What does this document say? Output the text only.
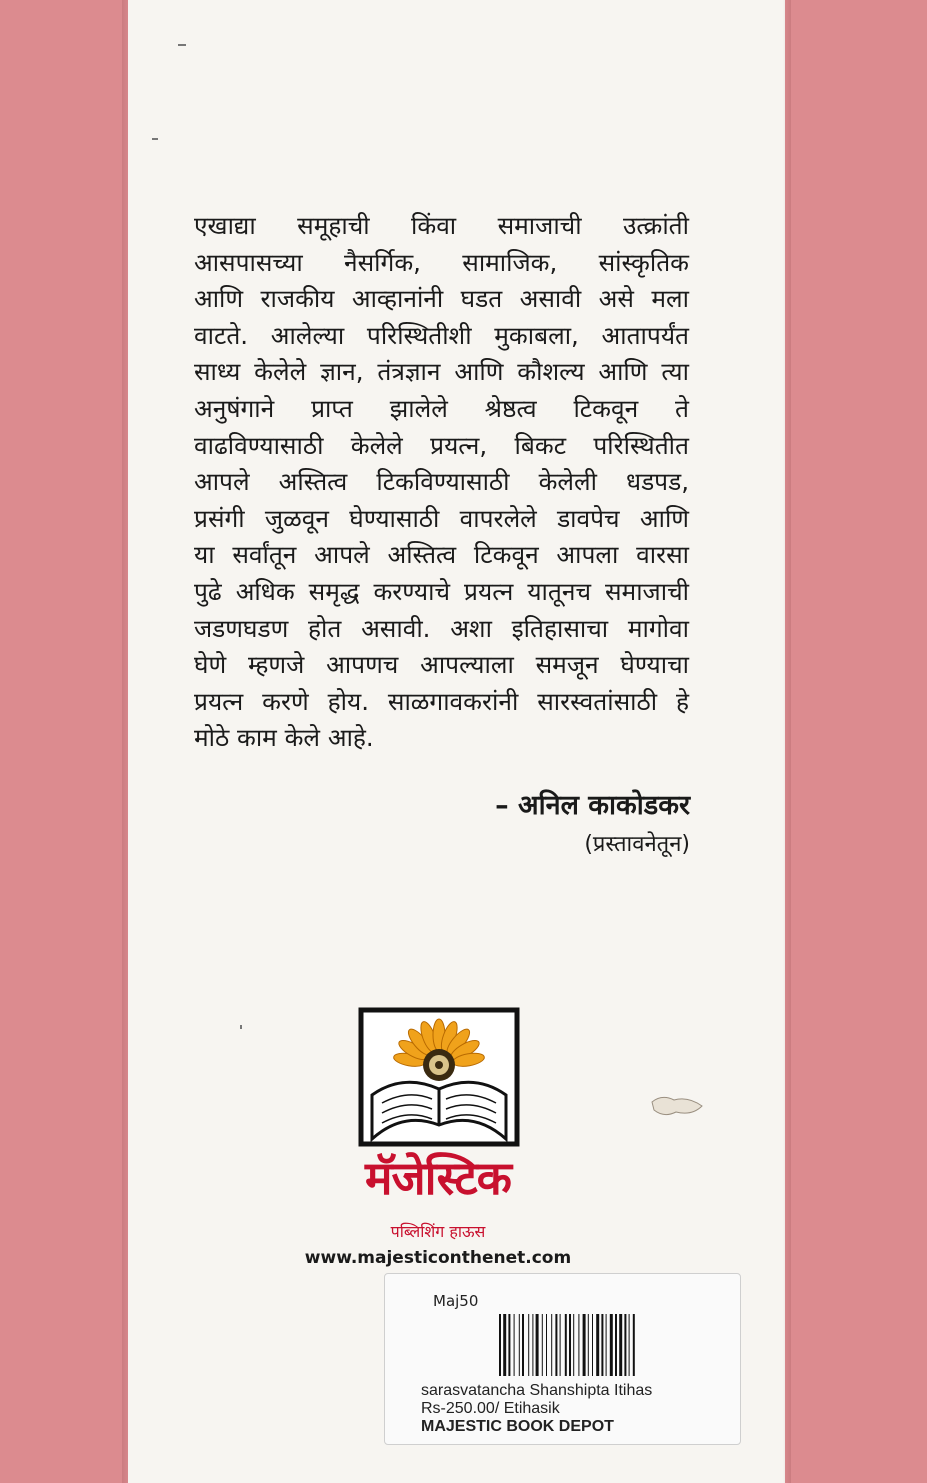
एखाद्या समूहाची किंवा समाजाची उत्क्रांती
आसपासच्या नैसर्गिक, सामाजिक, सांस्कृतिक
आणि राजकीय आव्हानांनी घडत असावी असे मला
वाटते. आलेल्या परिस्थितीशी मुकाबला, आतापर्यंत
साध्य केलेले ज्ञान, तंत्रज्ञान आणि कौशल्य आणि त्या
अनुषंगाने प्राप्त झालेले श्रेष्ठत्व टिकवून ते
वाढविण्यासाठी केलेले प्रयत्न, बिकट परिस्थितीत
आपले अस्तित्व टिकविण्यासाठी केलेली धडपड,
प्रसंगी जुळवून घेण्यासाठी वापरलेले डावपेच आणि
या सर्वांतून आपले अस्तित्व टिकवून आपला वारसा
पुढे अधिक समृद्ध करण्याचे प्रयत्न यातूनच समाजाची
जडणघडण होत असावी. अशा इतिहासाचा मागोवा
घेणे म्हणजे आपणच आपल्याला समजून घेण्याचा
प्रयत्न करणे होय. साळगावकरांनी सारस्वतांसाठी हे
मोठे काम केले आहे.
– अनिल काकोडकर
(प्रस्तावनेतून)
मॅजेस्टिक
पब्लिशिंग हाऊस
www.majesticonthenet.com
Maj50
sarasvatancha Shanshipta Itihas
Rs-250.00/ Etihasik
MAJESTIC BOOK DEPOT
